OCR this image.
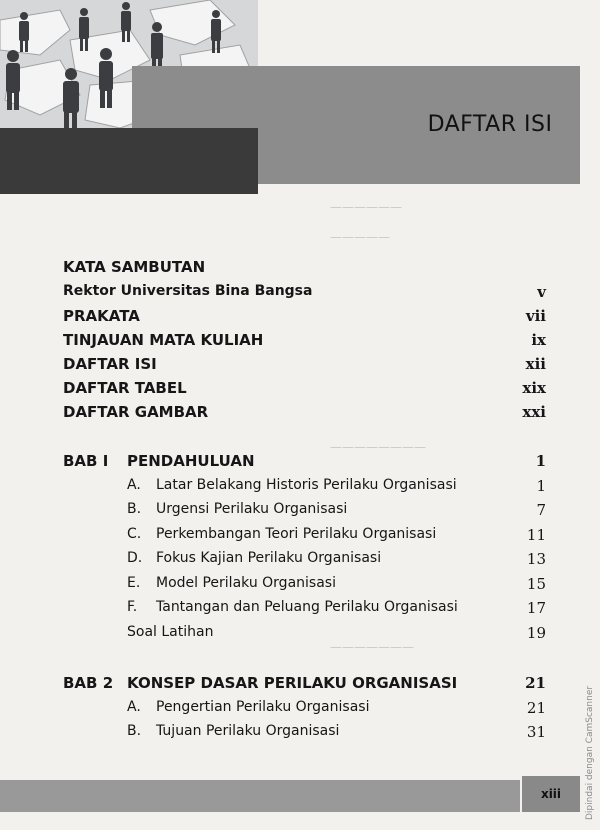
DAFTAR ISI
——————
—————
————————
———————
KATA SAMBUTAN
Rektor Universitas Bina Bangsa	v
PRAKATA	vii
TINJAUAN MATA KULIAH	ix
DAFTAR ISI	xii
DAFTAR TABEL	xix
DAFTAR GAMBAR	xxi
BAB I PENDAHULUAN	1
A. Latar Belakang Historis Perilaku Organisasi	1
B. Urgensi Perilaku Organisasi	7
C. Perkembangan Teori Perilaku Organisasi	11
D. Fokus Kajian Perilaku Organisasi	13
E. Model Perilaku Organisasi	15
F. Tantangan dan Peluang Perilaku Organisasi	17
Soal Latihan	19
BAB 2 KONSEP DASAR PERILAKU ORGANISASI	21
A. Pengertian Perilaku Organisasi	21
B. Tujuan Perilaku Organisasi	31
xiii	Dipindai dengan CamScanner
